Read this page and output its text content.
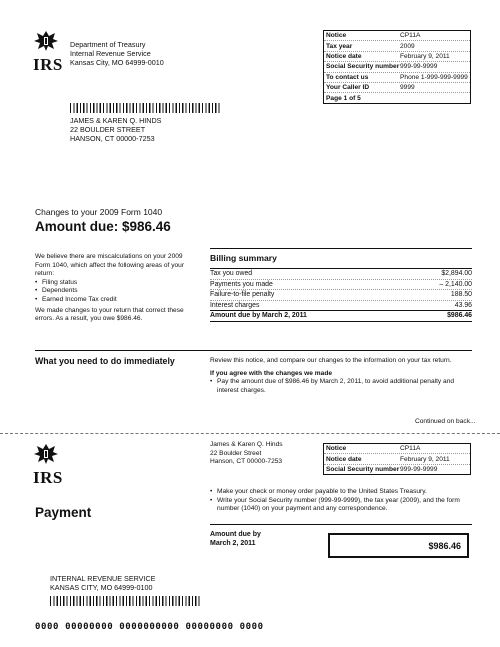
IRS
Department of Treasury
Internal Revenue Service
Kansas City, MO 64999-0010
Notice	CP11A
Tax year	2009
Notice date	February 9, 2011
Social Security number 999-99-9999
To contact us	Phone 1-999-999-9999
Your Caller ID	9999
Page 1 of 5
JAMES & KAREN Q. HINDS
22 BOULDER STREET
HANSON, CT 00000-7253
Changes to your 2009 Form 1040
Amount due: $986.46
We believe there are miscalculations on your 2009 Form 1040, which affect the following areas of your return:
• Filing status
• Dependents
• Earned Income Tax credit
We made changes to your return that correct these errors. As a result, you owe $986.46.
Billing summary
Tax you owed	$2,894.00
Payments you made	– 2,140.00
Failure-to-file penalty	188.50
Interest charges	43.96
Amount due by March 2, 2011	$986.46
What you need to do immediately	Review this notice, and compare our changes to the information on your tax return.
If you agree with the changes we made
• Pay the amount due of $986.46 by March 2, 2011, to avoid additional penalty and interest charges.
Continued on back...
IRS
Payment
James & Karen Q. Hinds
22 Boulder Street
Hanson, CT 00000-7253
Notice	CP11A
Notice date	February 9, 2011
Social Security number 999-99-9999
• Make your check or money order payable to the United States Treasury.
• Write your Social Security number (999-99-9999), the tax year (2009), and the form number (1040) on your payment and any correspondence.
Amount due by
March 2, 2011	$986.46
INTERNAL REVENUE SERVICE
KANSAS CITY, MO 64999-0100
0000 00000000 0000000000 00000000 0000
